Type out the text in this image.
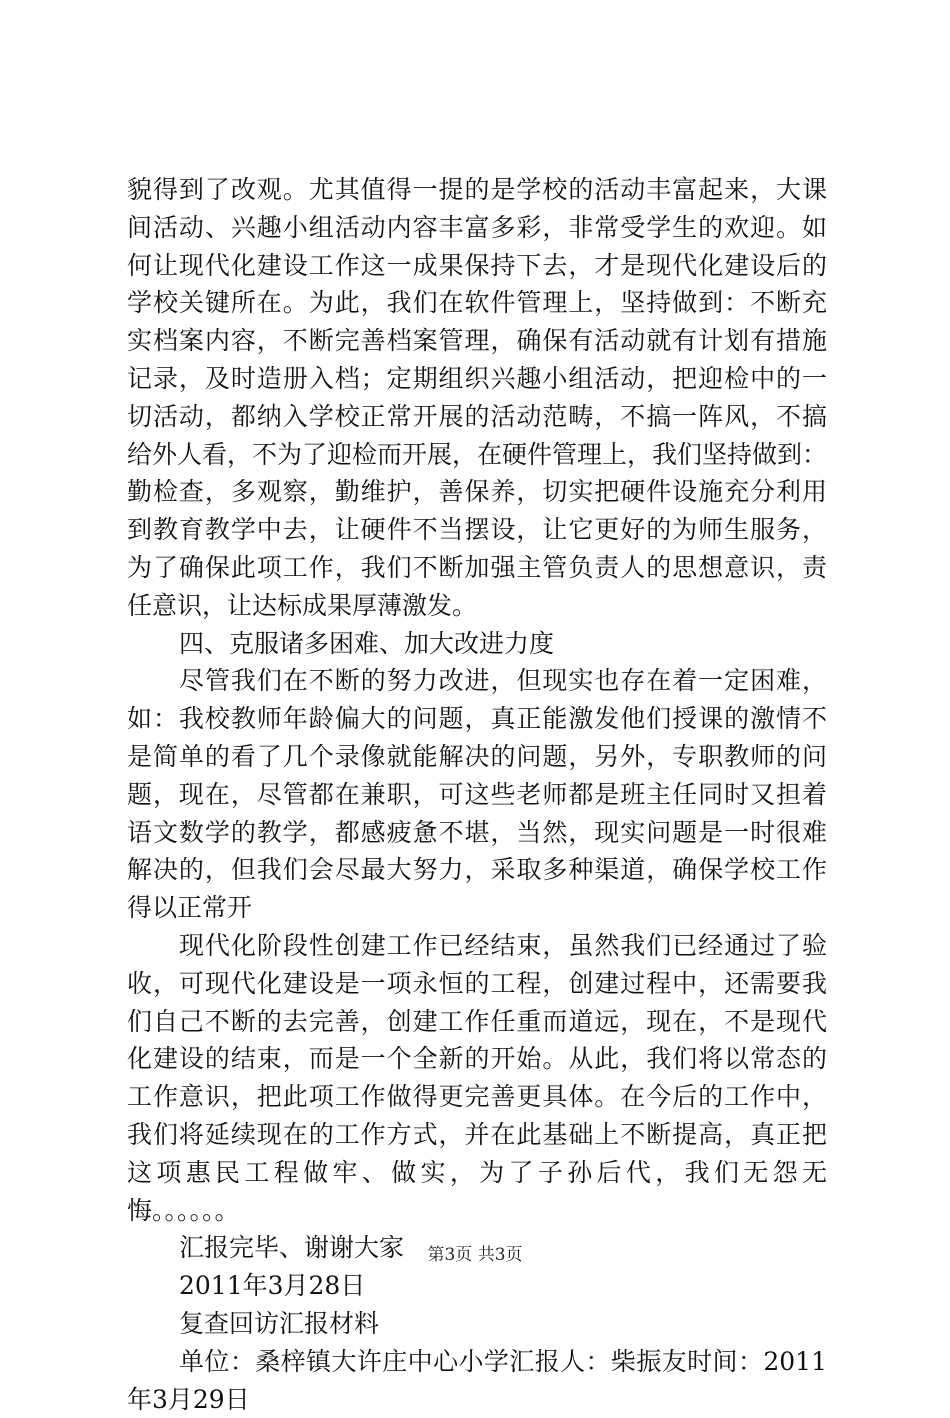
貌得到了改观。尤其值得一提的是学校的活动丰富起来，大课
间活动、兴趣小组活动内容丰富多彩，非常受学生的欢迎。如
何让现代化建设工作这一成果保持下去，才是现代化建设后的
学校关键所在。为此，我们在软件管理上，坚持做到：不断充
实档案内容，不断完善档案管理，确保有活动就有计划有措施
记录，及时造册入档；定期组织兴趣小组活动，把迎检中的一
切活动，都纳入学校正常开展的活动范畴，不搞一阵风，不搞
给外人看，不为了迎检而开展，在硬件管理上，我们坚持做到：
勤检查，多观察，勤维护，善保养，切实把硬件设施充分利用
到教育教学中去，让硬件不当摆设，让它更好的为师生服务，
为了确保此项工作，我们不断加强主管负责人的思想意识，责
任意识，让达标成果厚薄激发。
四、克服诸多困难、加大改进力度
尽管我们在不断的努力改进，但现实也存在着一定困难，
如：我校教师年龄偏大的问题，真正能激发他们授课的激情不
是简单的看了几个录像就能解决的问题，另外，专职教师的问
题，现在，尽管都在兼职，可这些老师都是班主任同时又担着
语文数学的教学，都感疲惫不堪，当然，现实问题是一时很难
解决的，但我们会尽最大努力，采取多种渠道，确保学校工作
得以正常开
现代化阶段性创建工作已经结束，虽然我们已经通过了验
收，可现代化建设是一项永恒的工程，创建过程中，还需要我
们自己不断的去完善，创建工作任重而道远，现在，不是现代
化建设的结束，而是一个全新的开始。从此，我们将以常态的
工作意识，把此项工作做得更完善更具体。在今后的工作中，
我们将延续现在的工作方式，并在此基础上不断提高，真正把
这项惠民工程做牢、做实，为了子孙后代，我们无怨无
悔。。。。。。
汇报完毕、谢谢大家
2011年3月28日
复查回访汇报材料
单位：桑梓镇大许庄中心小学汇报人：柴振友时间：2011
年3月29日
第3页 共3页
